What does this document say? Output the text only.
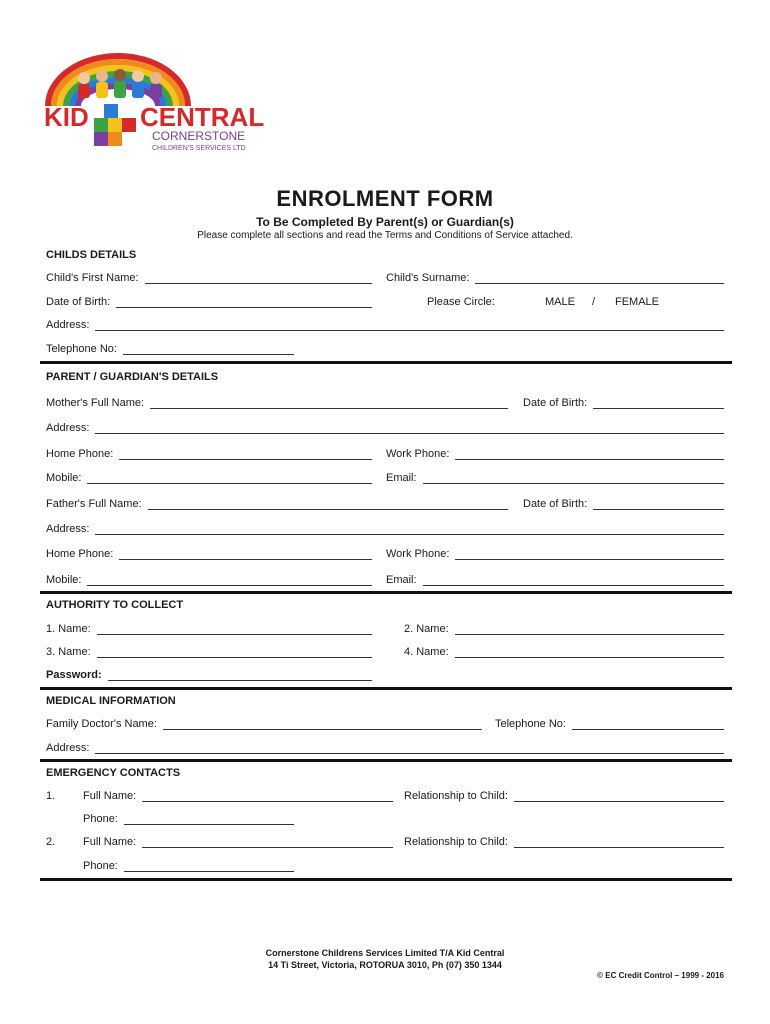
KID CENTRAL
CORNERSTONE
CHILDREN'S SERVICES LTD
ENROLMENT FORM
To Be Completed By Parent(s) or Guardian(s)
Please complete all sections and read the Terms and Conditions of Service attached.
CHILDS DETAILS
Child's First Name:	Child's Surname:
Date of Birth:	Please Circle:	MALE / FEMALE
Address:
Telephone No:
PARENT / GUARDIAN'S DETAILS
Mother's Full Name:	Date of Birth:
Address:
Home Phone:	Work Phone:
Mobile:	Email:
Father's Full Name:	Date of Birth:
Address:
Home Phone:	Work Phone:
Mobile:	Email:
AUTHORITY TO COLLECT
1. Name:	2. Name:
3. Name:	4. Name:
Password:
MEDICAL INFORMATION
Family Doctor's Name:	Telephone No:
Address:
EMERGENCY CONTACTS
1.	Full Name:	Relationship to Child:
Phone:
2.	Full Name:	Relationship to Child:
Phone:
Cornerstone Childrens Services Limited T/A Kid Central
14 Ti Street, Victoria, ROTORUA 3010, Ph (07) 350 1344
© EC Credit Control – 1999 - 2016
